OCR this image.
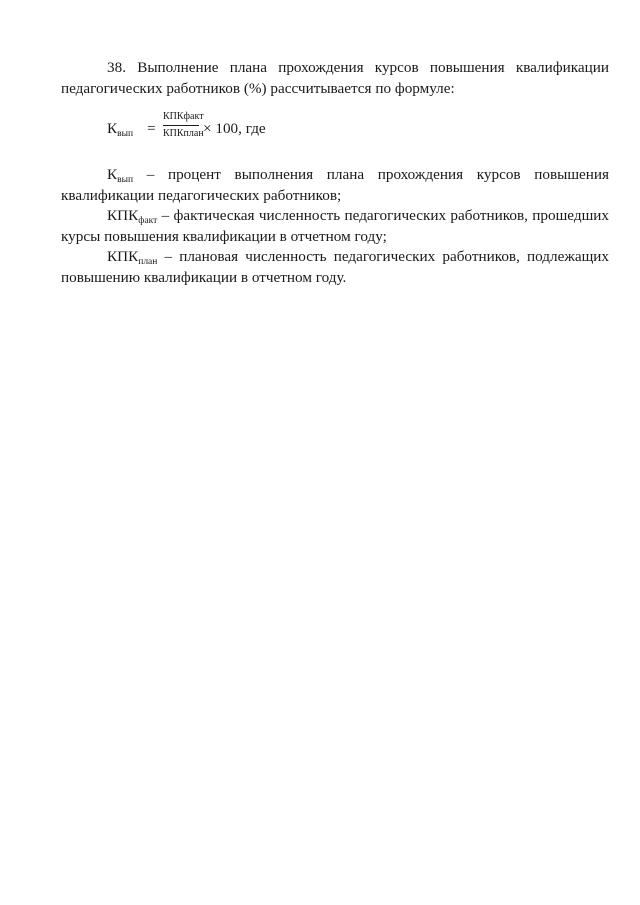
38. Выполнение плана прохождения курсов повышения квалификации педагогических работников (%) рассчитывается по формуле:

$К_{вып}$ =
КПКфакт
КПКплан × 100, где

$К_{вып}$ – процент выполнения плана прохождения курсов повышения квалификации педагогических работников;

$КПК_{факт}$ – фактическая численность педагогических работников, прошедших курсы повышения квалификации в отчетном году;

$КПК_{план}$ – плановая численность педагогических работников, подлежащих повышению квалификации в отчетном году.
